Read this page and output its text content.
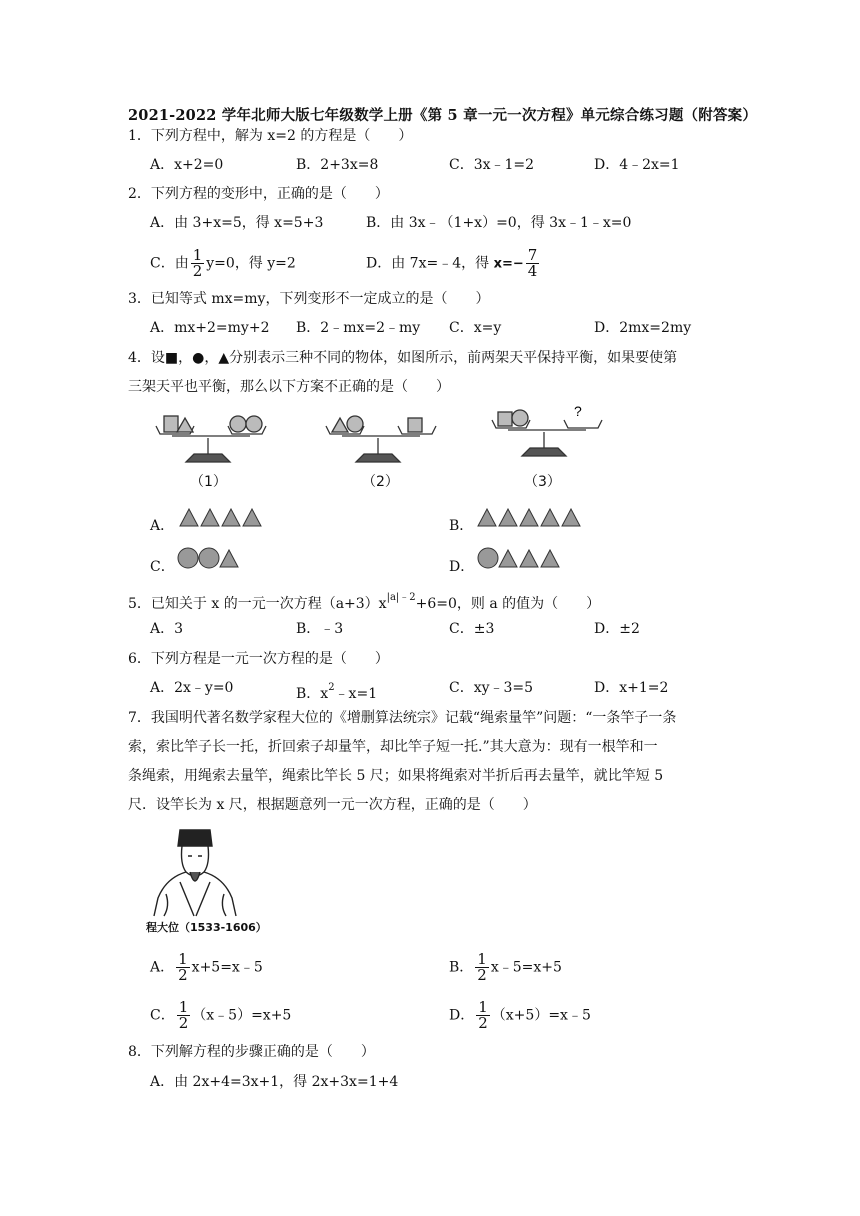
2021-2022 学年北师大版七年级数学上册《第 5 章一元一次方程》单元综合练习题（附答案）
1．下列方程中，解为 x=2 的方程是（　　）
A．x+2=0	B．2+3x=8	C．3x﹣1=2	D．4﹣2x=1
2．下列方程的变形中，正确的是（　　）
A．由 3+x=5，得 x=5+3	B．由 3x﹣（1+x）=0，得 3x﹣1﹣x=0
C．由 $\frac{1}{2} y=0$，得 y=2	D．由 7x=﹣4，得 $x=- \frac{7}{4}$
3．已知等式 mx=my，下列变形不一定成立的是（　　）
A．mx+2=my+2 B．2﹣mx=2﹣my C．x=y	D．2mx=2my
4．设■，●，▲分别表示三种不同的物体，如图所示，前两架天平保持平衡，如果要使第
三架天平也平衡，那么以下方案不正确的是（　　）
?
（1）	（2）	（3）
A．	B．
C．	D．
5．已知关于 x 的一元一次方程$(a+3)x^{|a|﹣2}+6=0$，则 a 的值为（　　）
A．3	B．﹣3	C．±3	D．±2
6．下列方程是一元一次方程的是（　　）
A．2x﹣y=0	B．$x^2﹣x=1$	C．xy﹣3=5	D．x+1=2
7．我国明代著名数学家程大位的《增删算法统宗》记载“绳索量竿”问题：“一条竿子一条
索，索比竿子长一托，折回索子却量竿，却比竿子短一托.”其大意为：现有一根竿和一
条绳索，用绳索去量竿，绳索比竿长 5 尺；如果将绳索对半折后再去量竿，就比竿短 5
尺．设竿长为 x 尺，根据题意列一元一次方程，正确的是（　　）
程大位（1533-1606）
A． $\frac{1}{2}$ x+5=x﹣5	B． $\frac{1}{2}$ x﹣5=x+5
C． $\frac{1}{2}$ （x﹣5）=x+5	D． $\frac{1}{2}$ （x+5）=x﹣5
8．下列解方程的步骤正确的是（　　）
A．由 2x+4=3x+1，得 2x+3x=1+4
